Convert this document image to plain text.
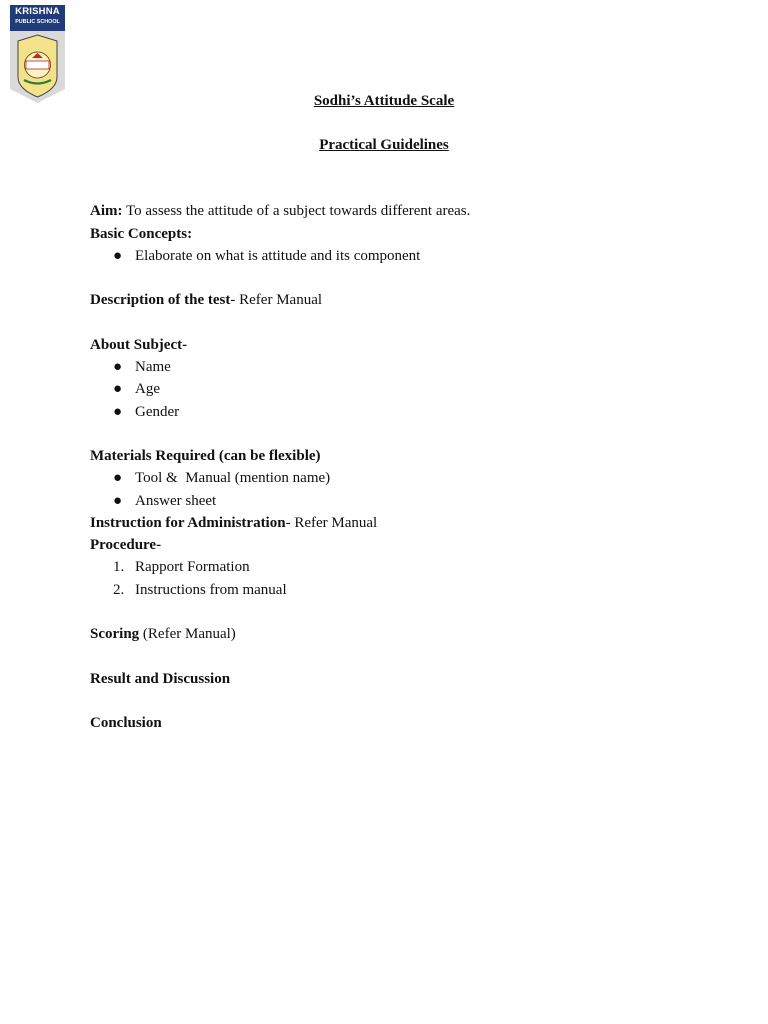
KRISHNA
PUBLIC SCHOOL
Sodhi’s Attitude Scale
Practical Guidelines
Aim: To assess the attitude of a subject towards different areas.
Basic Concepts:
● Elaborate on what is attitude and its component
Description of the test- Refer Manual
About Subject-
● Name
● Age
● Gender
Materials Required (can be flexible)
● Tool &  Manual (mention name)
● Answer sheet
Instruction for Administration- Refer Manual
Procedure-
1. Rapport Formation
2. Instructions from manual
Scoring (Refer Manual)
Result and Discussion
Conclusion
